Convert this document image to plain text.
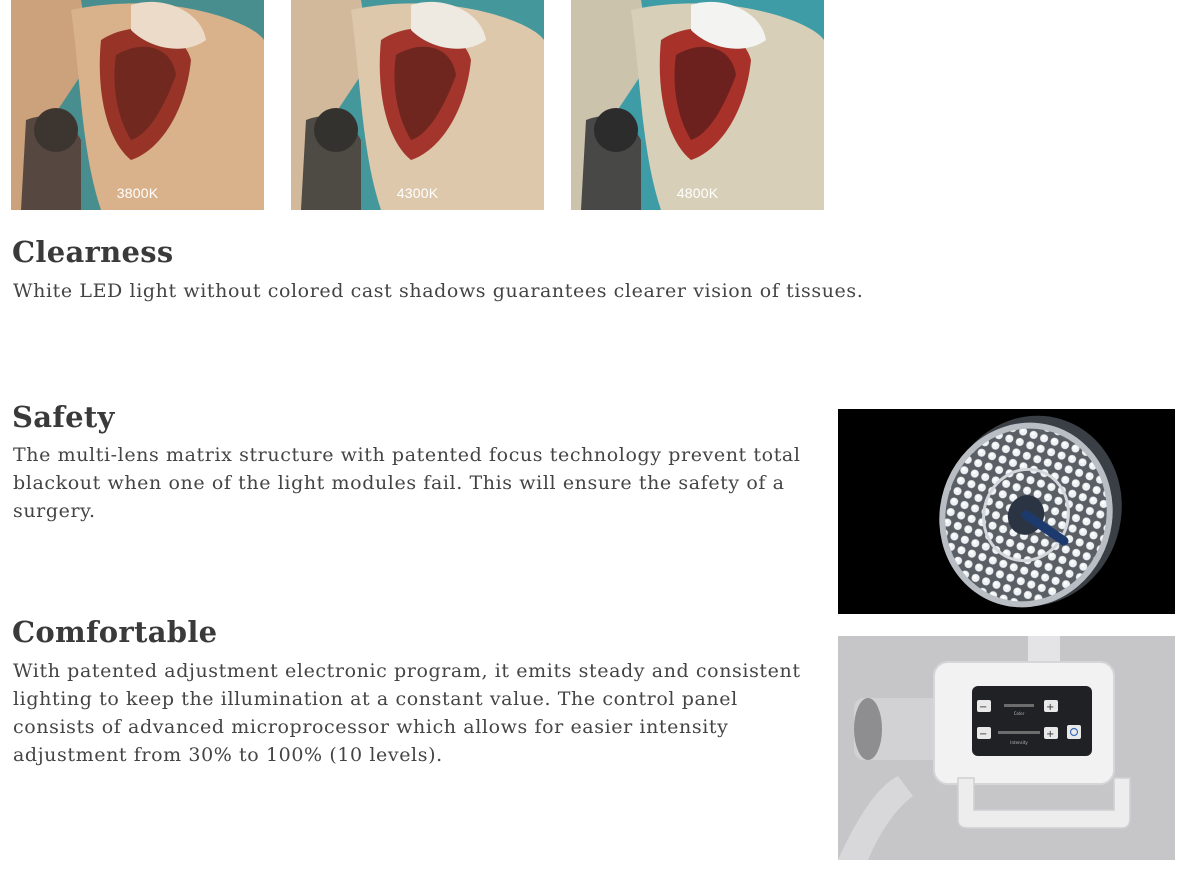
3800K	4300K	4800K
Clearness

White LED light without colored cast shadows guarantees clearer vision of tissues.

Safety

The multi-lens matrix structure with patented focus technology prevent total blackout when one of the light modules fail. This will ensure the safety of a surgery.

Comfortable

With patented adjustment electronic program, it emits steady and consistent lighting to keep the illumination at a constant value. The control panel consists of advanced microprocessor which allows for easier intensity adjustment from 30% to 100% (10 levels).

−	+
−	+
Color
Intensity
